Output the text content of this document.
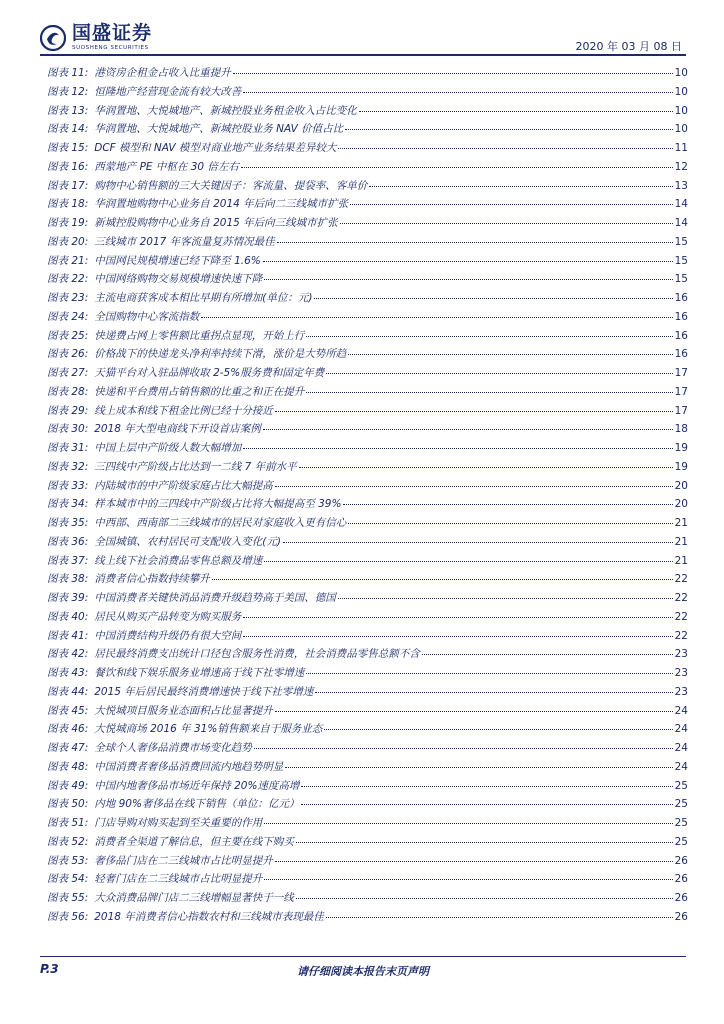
国盛证券
SUOSHENG SECURITIES	2020 年 03 月 08 日
图表 11: 港资房企租金占收入比重提升	10
图表 12: 恒隆地产经营现金流有较大改善	10
图表 13: 华润置地、大悦城地产、新城控股业务租金收入占比变化	10
图表 14: 华润置地、大悦城地产、新城控股业务 NAV 价值占比	10
图表 15: DCF 模型和 NAV 模型对商业地产业务结果差异较大	11
图表 16: 西蒙地产 PE 中枢在 30 倍左右	12
图表 17: 购物中心销售额的三大关键因子：客流量、提袋率、客单价	13
图表 18: 华润置地购物中心业务自 2014 年后向二三线城市扩张	14
图表 19: 新城控股购物中心业务自 2015 年后向三线城市扩张	14
图表 20: 三线城市 2017 年客流量复苏情况最佳	15
图表 21: 中国网民规模增速已经下降至 1.6%	15
图表 22: 中国网络购物交易规模增速快速下降	15
图表 23: 主流电商获客成本相比早期有所增加(单位：元)	16
图表 24: 全国购物中心客流指数	16
图表 25: 快递费占网上零售额比重拐点显现，开始上行	16
图表 26: 价格战下的快递龙头净利率持续下滑，涨价是大势所趋	16
图表 27: 天猫平台对入驻品牌收取 2-5%服务费和固定年费	17
图表 28: 快递和平台费用占销售额的比重之和正在提升	17
图表 29: 线上成本和线下租金比例已经十分接近	17
图表 30: 2018 年大型电商线下开设首店案例	18
图表 31: 中国上层中产阶级人数大幅增加	19
图表 32: 三四线中产阶级占比达到一二线 7 年前水平	19
图表 33: 内陆城市的中产阶级家庭占比大幅提高	20
图表 34: 样本城市中的三四线中产阶级占比将大幅提高至 39%	20
图表 35: 中西部、西南部二三线城市的居民对家庭收入更有信心	21
图表 36: 全国城镇、农村居民可支配收入变化(元)	21
图表 37: 线上线下社会消费品零售总额及增速	21
图表 38: 消费者信心指数持续攀升	22
图表 39: 中国消费者关键快消品消费升级趋势高于美国、德国	22
图表 40: 居民从购买产品转变为购买服务	22
图表 41: 中国消费结构升级仍有很大空间	22
图表 42: 居民最终消费支出统计口径包含服务性消费，社会消费品零售总额不含	23
图表 43: 餐饮和线下娱乐服务业增速高于线下社零增速	23
图表 44: 2015 年后居民最终消费增速快于线下社零增速	23
图表 45: 大悦城项目服务业态面积占比显著提升	24
图表 46: 大悦城商场 2016 年 31%销售额来自于服务业态	24
图表 47: 全球个人奢侈品消费市场变化趋势	24
图表 48: 中国消费者奢侈品消费回流内地趋势明显	24
图表 49: 中国内地奢侈品市场近年保持 20%速度高增	25
图表 50: 内地 90%奢侈品在线下销售（单位：亿元）	25
图表 51: 门店导购对购买起到至关重要的作用	25
图表 52: 消费者全渠道了解信息，但主要在线下购买	25
图表 53: 奢侈品门店在二三线城市占比明显提升	26
图表 54: 轻奢门店在二三线城市占比明显提升	26
图表 55: 大众消费品牌门店二三线增幅显著快于一线	26
图表 56: 2018 年消费者信心指数农村和三线城市表现最佳	26
P.3	请仔细阅读本报告末页声明
